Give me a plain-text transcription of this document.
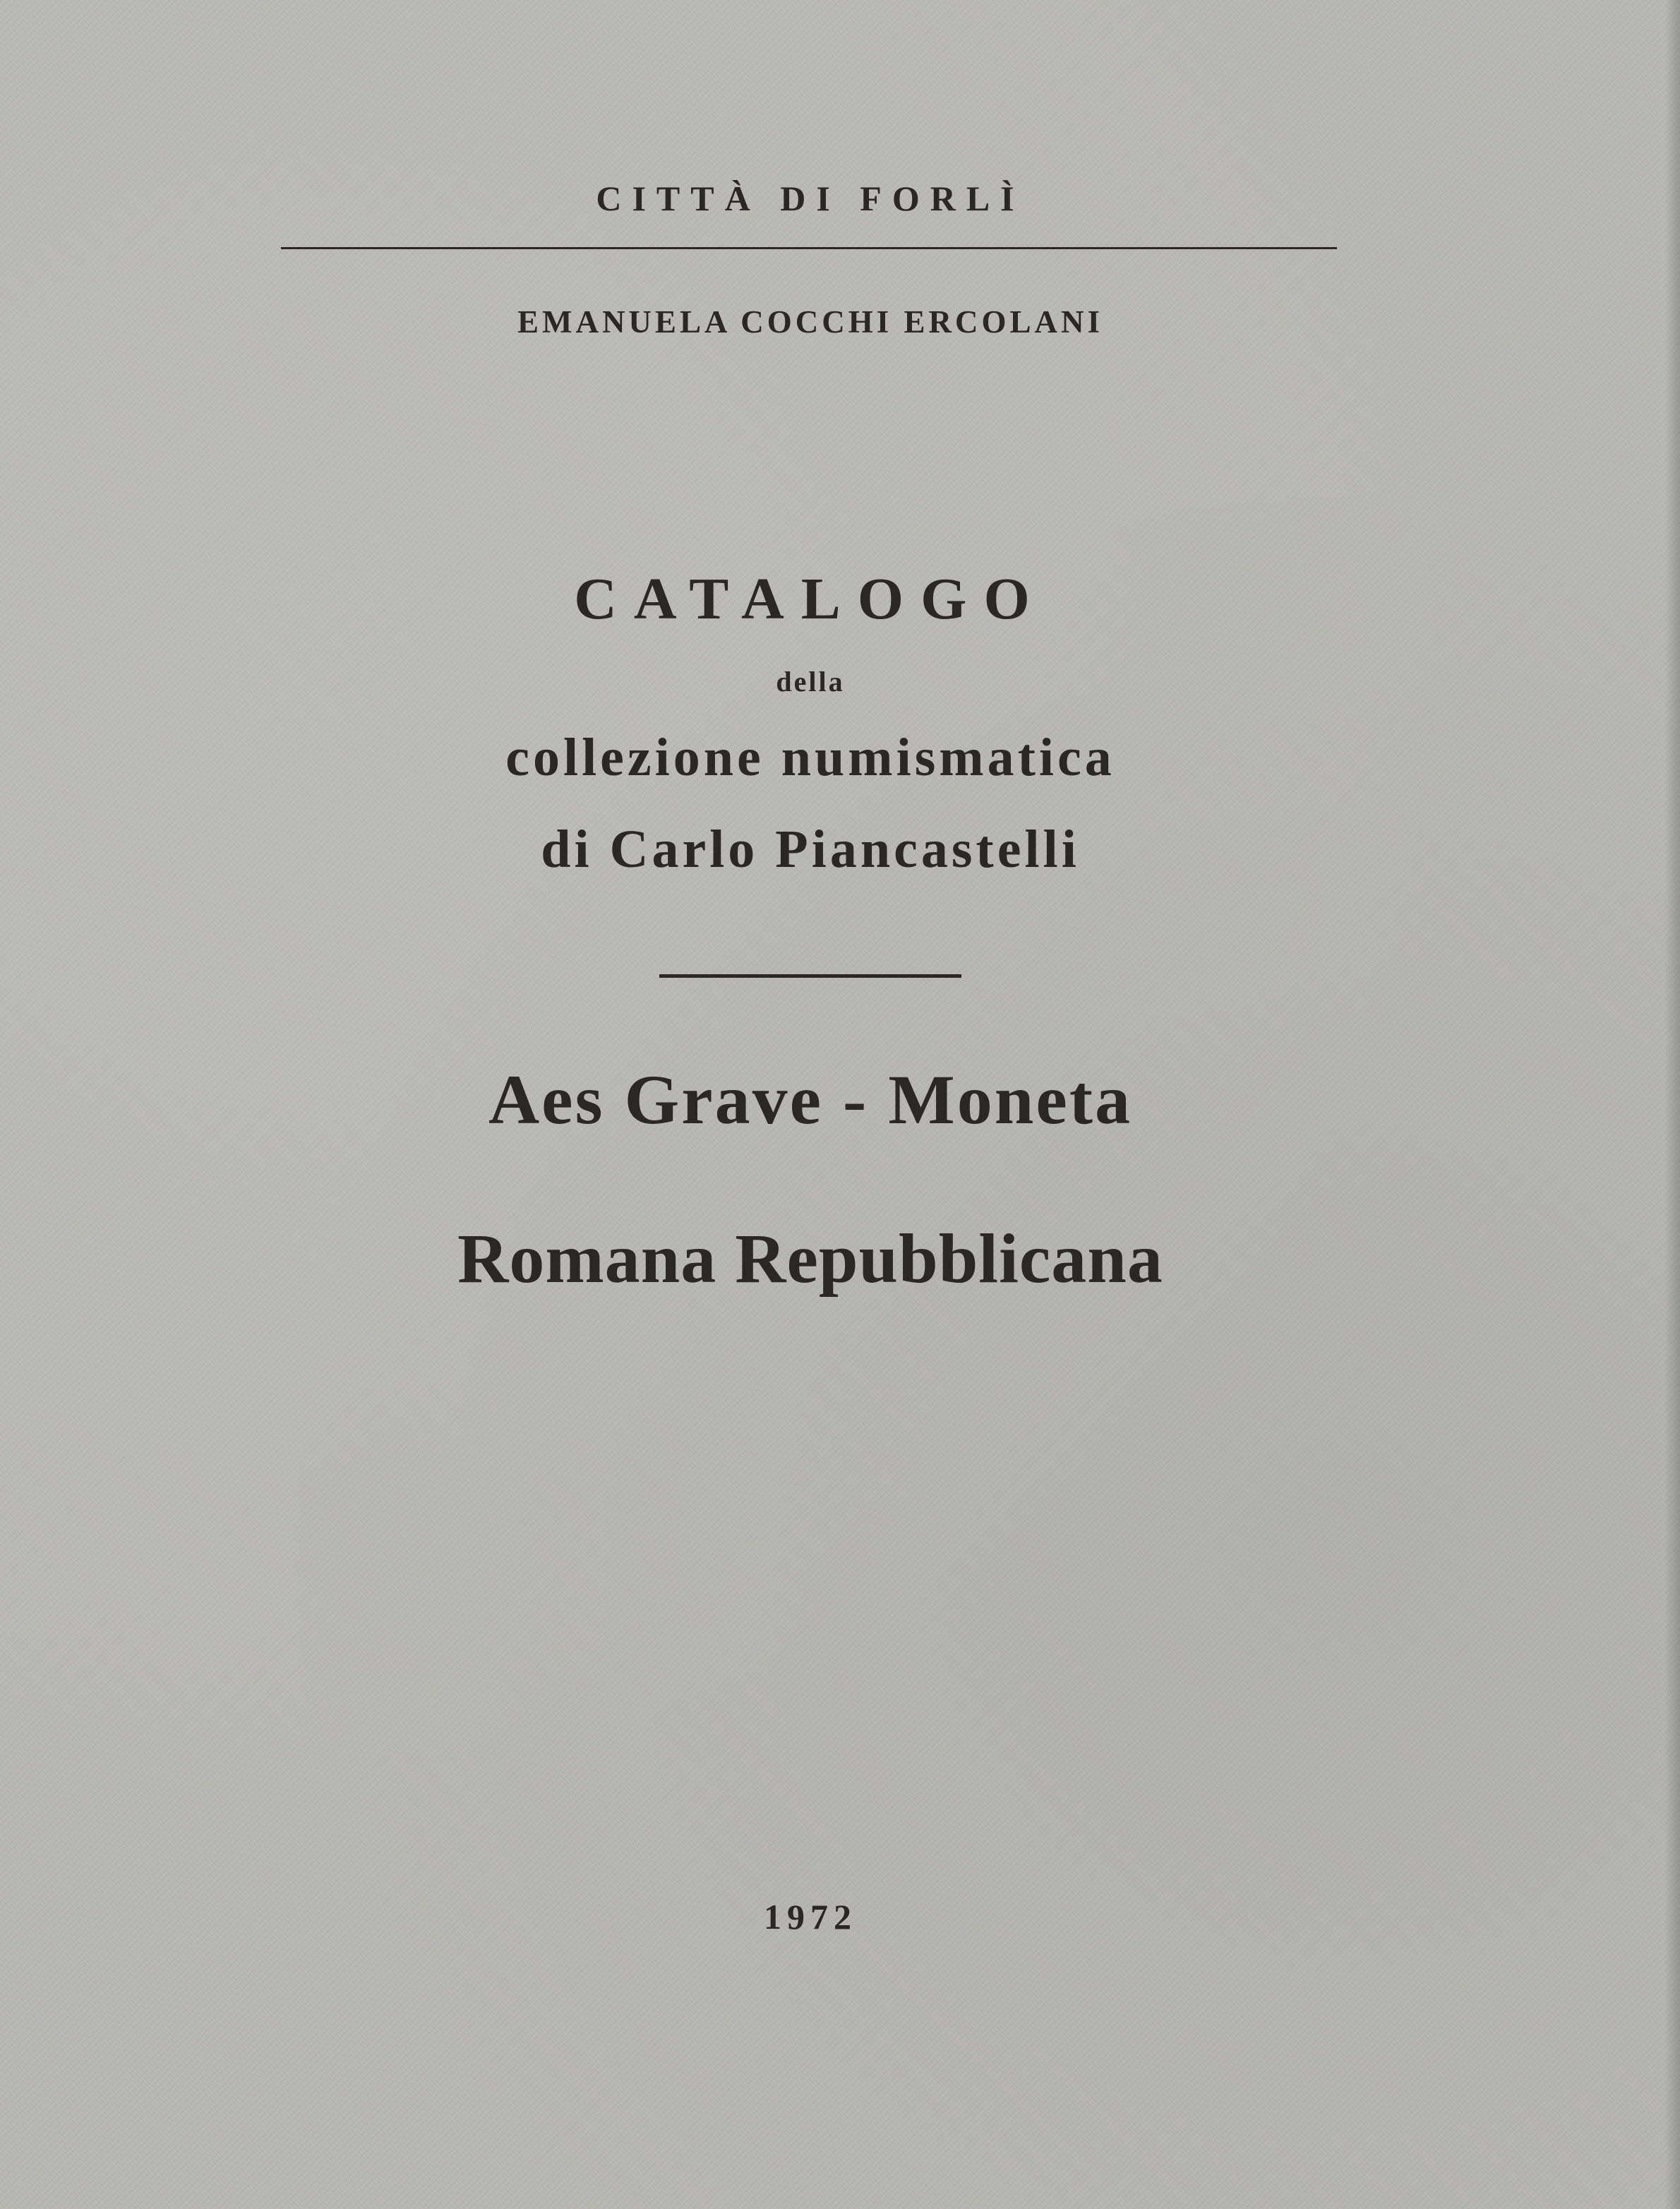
CITTÀ DI FORLÌ

EMANUELA COCCHI ERCOLANI

CATALOGO

della

collezione numismatica

di Carlo Piancastelli

Aes Grave - Moneta

Romana Repubblicana

1972
